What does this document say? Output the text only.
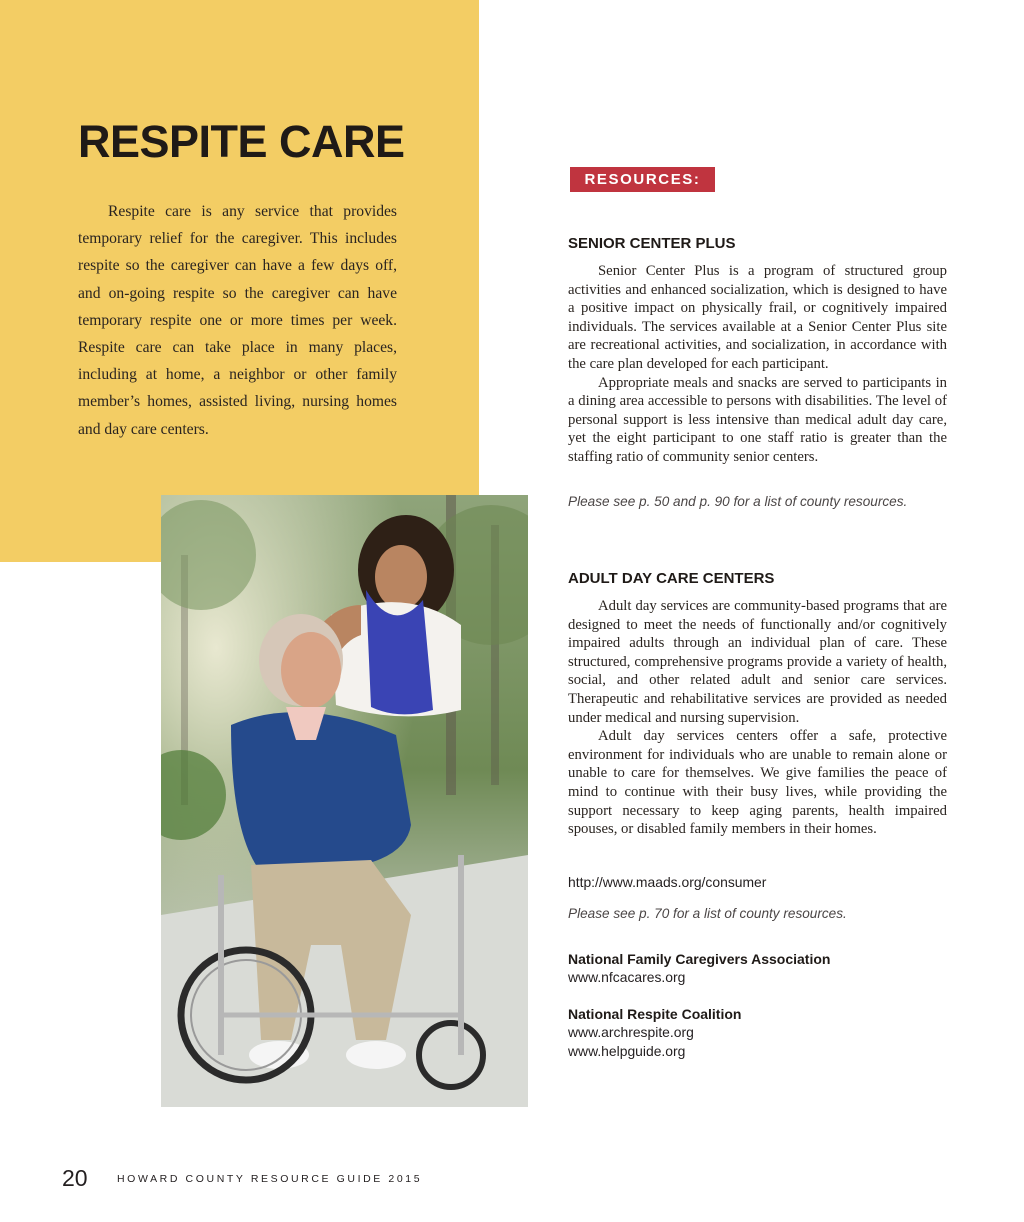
RESPITE CARE

Respite care is any service that provides temporary relief for the caregiver. This includes respite so the caregiver can have a few days off, and on-going respite so the caregiver can have temporary respite one or more times per week. Respite care can take place in many places, including at home, a neighbor or other family member’s homes, assisted living, nursing homes and day care centers.

RESOURCES:
SENIOR CENTER PLUS

Senior Center Plus is a program of structured group activities and enhanced socialization, which is designed to have a positive impact on physically frail, or cognitively impaired individuals. The services available at a Senior Center Plus site are recreational activities, and socialization, in accordance with the care plan developed for each participant.

Appropriate meals and snacks are served to participants in a dining area accessible to persons with disabilities. The level of personal support is less intensive than medical adult day care, yet the eight participant to one staff ratio is greater than the staffing ratio of community senior centers.

Please see p. 50 and p. 90 for a list of county resources.

ADULT DAY CARE CENTERS

Adult day services are community-based programs that are designed to meet the needs of functionally and/or cognitively impaired adults through an individual plan of care. These structured, comprehensive programs provide a variety of health, social, and other related adult and senior care services. Therapeutic and rehabilitative services are provided as needed under medical and nursing supervision.

Adult day services centers offer a safe, protective environment for individuals who are unable to remain alone or unable to care for themselves. We give families the peace of mind to continue with their busy lives, while providing the support necessary to keep aging parents, health impaired spouses, or disabled family members in their homes.

http://www.maads.org/consumer

Please see p. 70 for a list of county resources.

National Family Caregivers Association
www.nfcacares.org
National Respite Coalition
www.archrespite.org
www.helpguide.org
20	HOWARD COUNTY RESOURCE GUIDE 2015
